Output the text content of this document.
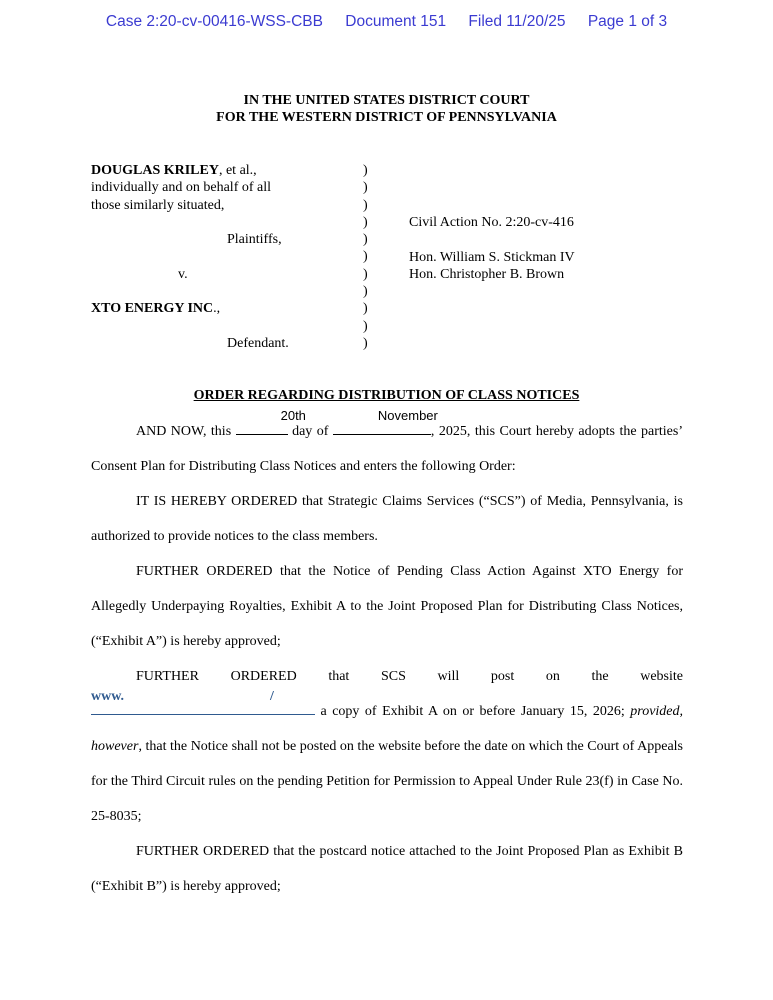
Case 2:20-cv-00416-WSS-CBB Document 151 Filed 11/20/25 Page 1 of 3
IN THE UNITED STATES DISTRICT COURT
FOR THE WESTERN DISTRICT OF PENNSYLVANIA
DOUGLAS KRILEY, et al.,
individually and on behalf of all
those similarly situated,
Plaintiffs,
v.
XTO ENERGY INC.,
Defendant.
)
)
)
)
)
)
)
)
)
)
)
Civil Action No. 2:20-cv-416
Hon. William S. Stickman IV
Hon. Christopher B. Brown
ORDER REGARDING DISTRIBUTION OF CLASS NOTICES
AND NOW, this
20th
day of
November
, 2025, this Court hereby adopts the parties’ Consent Plan for Distributing Class Notices and enters the following Order:
IT IS HEREBY ORDERED that Strategic Claims Services (“SCS”) of Media, Pennsylvania, is authorized to provide notices to the class members.
FURTHER ORDERED that the Notice of Pending Class Action Against XTO Energy for Allegedly Underpaying Royalties, Exhibit A to the Joint Proposed Plan for Distributing Class Notices, (“Exhibit A”) is hereby approved;
FURTHER ORDERED that SCS will post on the website
www.	/
a copy of Exhibit A on or before January 15, 2026; provided, however, that the Notice shall not be posted on the website before the date on which the Court of Appeals for the Third Circuit rules on the pending Petition for Permission to Appeal Under Rule 23(f) in Case No. 25-8035;
FURTHER ORDERED that the postcard notice attached to the Joint Proposed Plan as Exhibit B (“Exhibit B”) is hereby approved;
